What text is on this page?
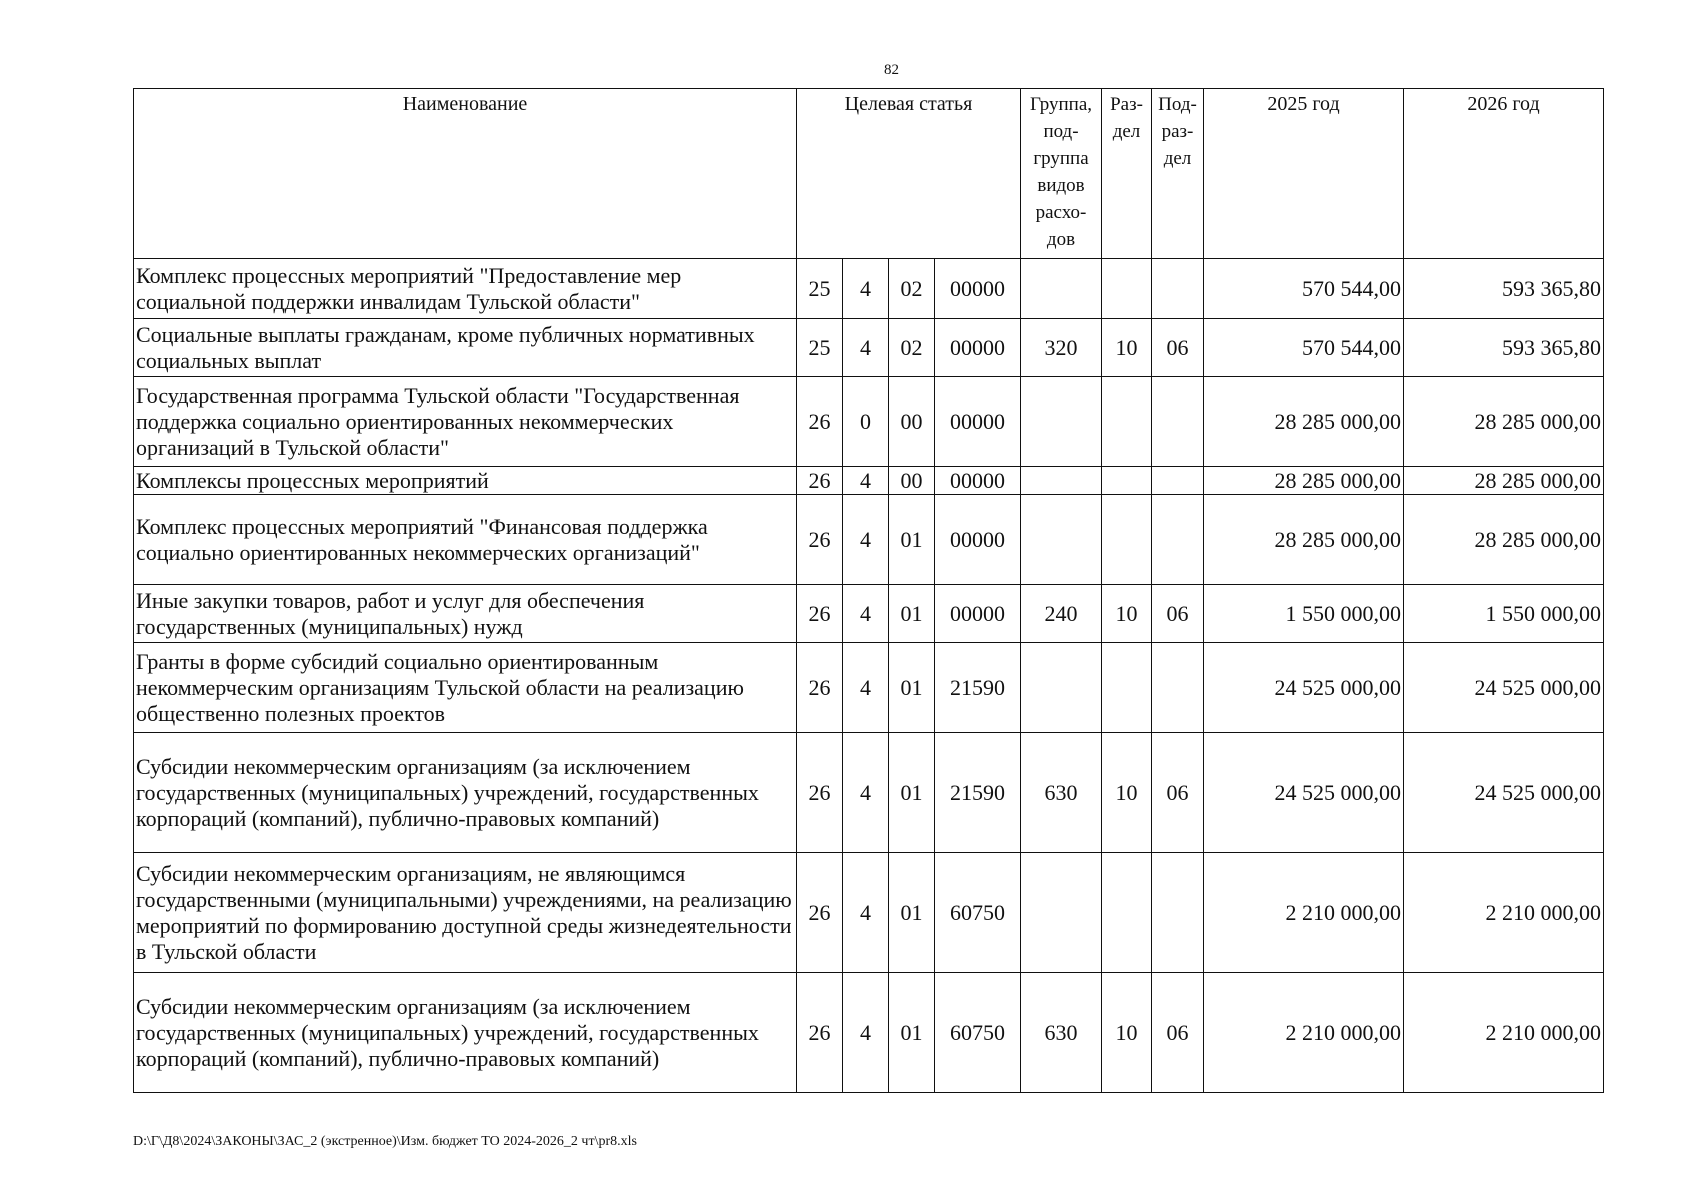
82
Наименование	Целевая статья				Группа, под- группа видов расхо- дов	Раз- дел	Под- раз- дел	2025 год	2026 год
Комплекс процессных мероприятий "Предоставление мер социальной поддержки инвалидам Тульской области"	25	4	02	00000				570 544,00	593 365,80
Социальные выплаты гражданам, кроме публичных нормативных социальных выплат	25	4	02	00000	320	10	06	570 544,00	593 365,80
Государственная программа Тульской области "Государственная поддержка социально ориентированных некоммерческих организаций в Тульской области"	26	0	00	00000				28 285 000,00	28 285 000,00
Комплексы процессных мероприятий	26	4	00	00000				28 285 000,00	28 285 000,00
Комплекс процессных мероприятий "Финансовая поддержка социально ориентированных некоммерческих организаций"	26	4	01	00000				28 285 000,00	28 285 000,00
Иные закупки товаров, работ и услуг для обеспечения государственных (муниципальных) нужд	26	4	01	00000	240	10	06	1 550 000,00	1 550 000,00
Гранты в форме субсидий социально ориентированным некоммерческим организациям Тульской области на реализацию общественно полезных проектов	26	4	01	21590				24 525 000,00	24 525 000,00
Субсидии некоммерческим организациям (за исключением государственных (муниципальных) учреждений, государственных корпораций (компаний), публично-правовых компаний)	26	4	01	21590	630	10	06	24 525 000,00	24 525 000,00
Субсидии некоммерческим организациям, не являющимся государственными (муниципальными) учреждениями, на реализацию мероприятий по формированию доступной среды жизнедеятельности в Тульской области	26	4	01	60750				2 210 000,00	2 210 000,00
Субсидии некоммерческим организациям (за исключением государственных (муниципальных) учреждений, государственных корпораций (компаний), публично-правовых компаний)	26	4	01	60750	630	10	06	2 210 000,00	2 210 000,00
D:\Г\Д8\2024\ЗАКОНЫ\ЗАС_2 (экстренное)\Изм. бюджет ТО 2024-2026_2 чт\pr8.xls
